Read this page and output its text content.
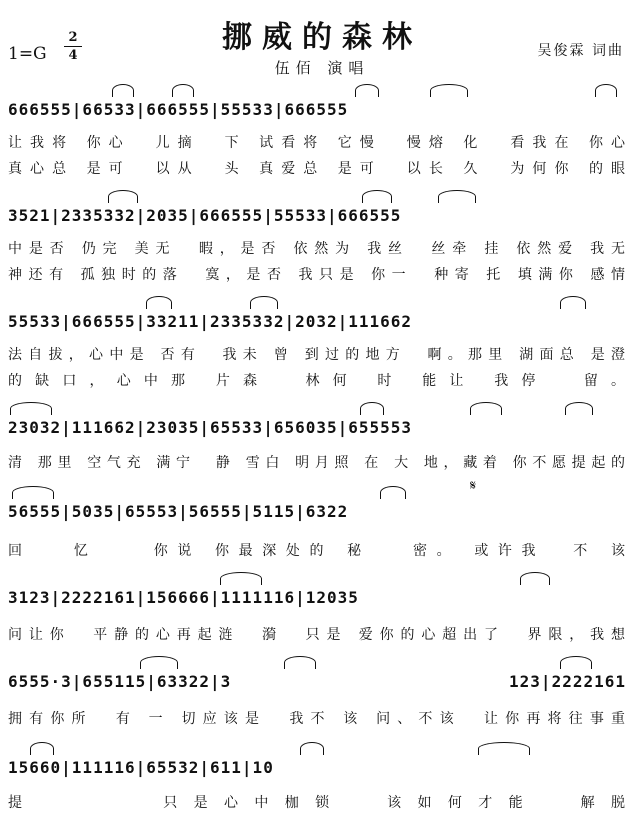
挪威的森林
伍佰 演唱
1=G
2
4	吴俊霖 词曲
666555|66533|666555|55533|666555
让我将 你心  儿摘  下 试看将 它慢  慢熔 化  看我在 你心
真心总 是可  以从  头 真爱总 是可  以长 久  为何你 的眼
3521|2335332|2035|666555|55533|666555
中是否 仍完 美无  暇，是否 依然为 我丝  丝牵 挂 依然爱 我无
神还有 孤独时的落  寞，是否 我只是 你一  种寄 托 填满你 感情
55533|666555|33211|2335332|2032|111662
法自拔，心中是 否有  我未 曾 到过的地方  啊。那里 湖面总 是澄
的缺口，心中那 片森  林何 时 能让 我停  留。
23032|111662|23035|65533|656035|655553
清 那里 空气充 满宁  静 雪白 明月照 在 大 地，藏着 你不愿提起的
𝄋
56555|5035|65553|56555|5115|6322
回   忆    你说 你最深处的 秘   密。 或许我  不 该
3123|2222161|156666|1111116|12035
问让你  平静的心再起涟  漪  只是 爱你的心超出了  界限，我想
6555·3|655115|63322|3 123|2222161
拥有你所  有 一 切应该是  我不 该 问、不该  让你再将往事重
15660|111116|65532|611|10
提      只是心中枷锁  该如何才能  解脱
